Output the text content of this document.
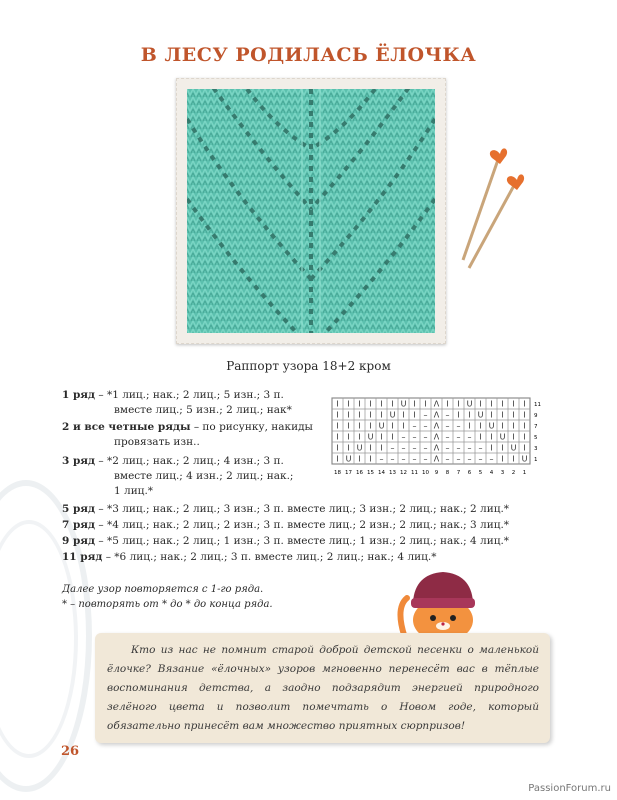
В ЛЕСУ РОДИЛАСЬ ЁЛОЧКА
Раппорт узора 18+2 кром
1 ряд – *1 лиц.; нак.; 2 лиц.; 5 изн.; 3 п.
вместе лиц.; 5 изн.; 2 лиц.; нак*
2 и все четные ряды – по рисунку, накиды
провязать изн..
3 ряд – *2 лиц.; нак.; 2 лиц.; 4 изн.; 3 п.
вместе лиц.; 4 изн.; 2 лиц.; нак.;
1 лиц.*
5 ряд – *3 лиц.; нак.; 2 лиц.; 3 изн.; 3 п. вместе лиц.; 3 изн.; 2 лиц.; нак.; 2 лиц.*
7 ряд – *4 лиц.; нак.; 2 лиц.; 2 изн.; 3 п. вместе лиц.; 2 изн.; 2 лиц.; нак.; 3 лиц.*
9 ряд – *5 лиц.; нак.; 2 лиц.; 1 изн.; 3 п. вместе лиц.; 1 изн.; 2 лиц.; нак.; 4 лиц.*
11 ряд – *6 лиц.; нак.; 2 лиц.; 3 п. вместе лиц.; 2 лиц.; нак.; 4 лиц.*
I I I I I I U I I Λ I I U I I I I I 11
I I I I I U I I – Λ – I I U I I I I 9
I I I I U I I – – Λ – – I I U I I I 7
I I I U I I – – – Λ – – – I I U I I 5
I I U I I – – – – Λ – – – – I I U I 3
I U I I – – – – – Λ – – – – – I I U 1
18 17 16 15 14 13 12 11 10 9 8 7 6 5 4 3 2 1
Далее узор повторяется с 1-го ряда.
* – повторять от * до * до конца ряда.
Кто из нас не помнит старой доброй детской песенки о маленькой ёлочке? Вязание «ёлочных» узоров мгновенно перенесёт вас в тёплые воспоминания детства, а заодно подзарядит энергией природного зелёного цвета и позволит помечтать о Новом годе, который обязательно принесёт вам множество приятных сюрпризов!
26
PassionForum.ru
